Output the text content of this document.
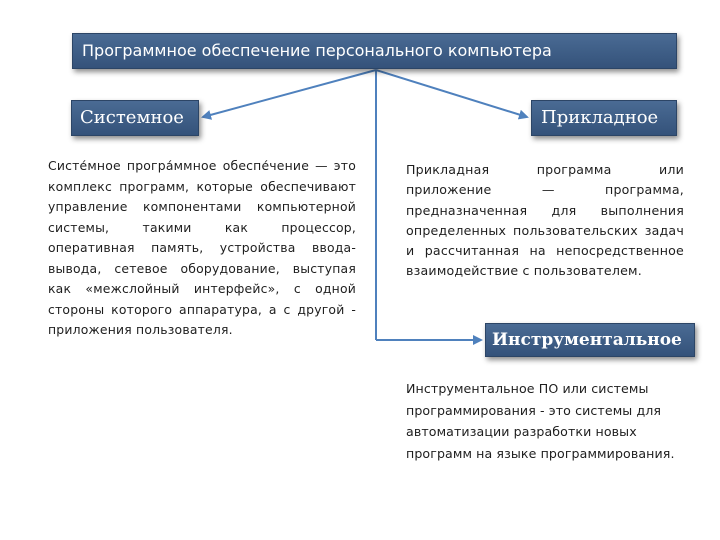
Программное обеспечение персонального компьютера
Системное	Прикладное
Инструментальное

Систе́мное програ́ммное обеспе́чение — это комплекс программ, которые обеспечивают управление компонентами компьютерной системы, такими как процессор, оперативная память, устройства ввода-вывода, сетевое оборудование, выступая как «межслойный интерфейс», с одной стороны которого аппаратура, а с другой - приложения пользователя.

Прикладная программа или приложение — программа, предназначенная для выполнения определенных пользовательских задач и рассчитанная на непосредственное взаимодействие с пользователем.

Инструментальное ПО или системы программирования - это системы для автоматизации разработки новых программ на языке программирования.
